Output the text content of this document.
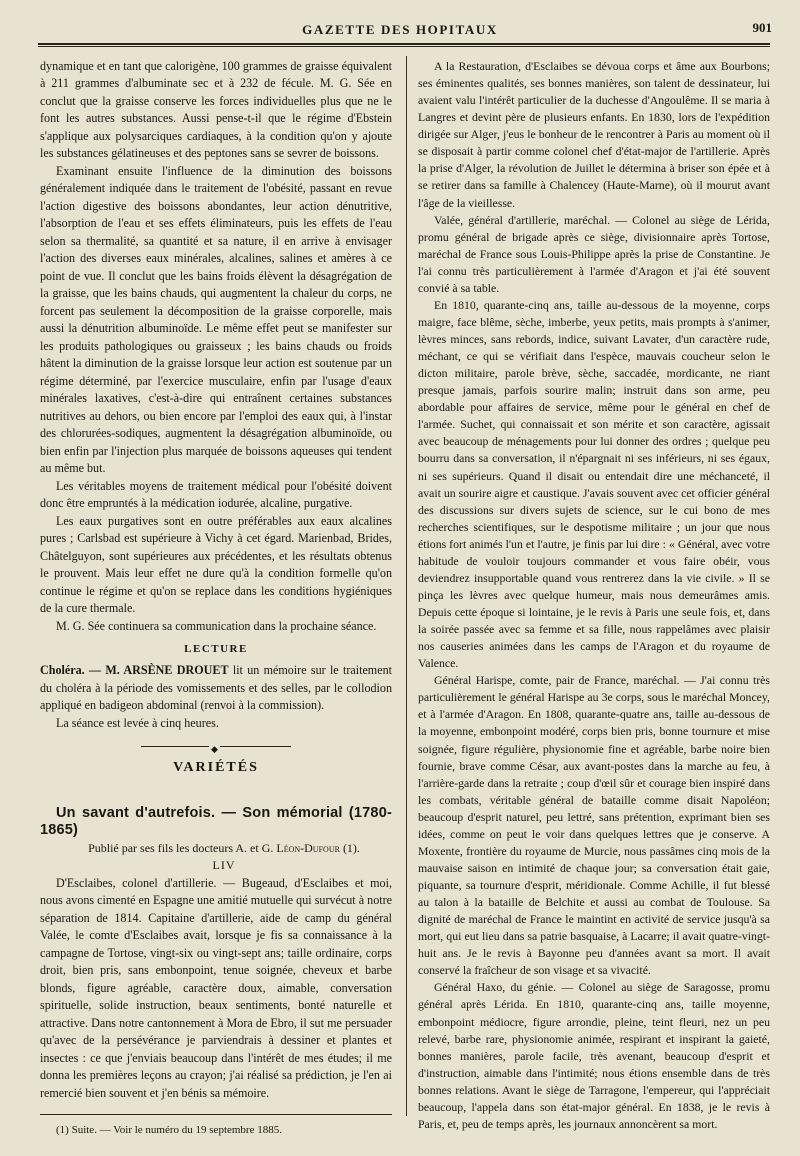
GAZETTE DES HOPITAUX	901

dynamique et en tant que calorigène, 100 grammes de graisse équivalent à 211 grammes d'albuminate sec et à 232 de fécule. M. G. Sée en conclut que la graisse conserve les forces individuelles plus que ne le font les autres substances. Aussi pense-t-il que le régime d'Ebstein s'applique aux polysarciques cardiaques, à la condition qu'on y ajoute les substances gélatineuses et des peptones sans se sevrer de boissons.

Examinant ensuite l'influence de la diminution des boissons généralement indiquée dans le traitement de l'obésité, passant en revue l'action digestive des boissons abondantes, leur action dénutritive, l'absorption de l'eau et ses effets éliminateurs, puis les effets de l'eau selon sa thermalité, sa quantité et sa nature, il en arrive à envisager l'action des diverses eaux minérales, alcalines, salines et amères à ce point de vue. Il conclut que les bains froids élèvent la désagrégation de la graisse, que les bains chauds, qui augmentent la chaleur du corps, ne forcent pas seulement la décomposition de la graisse corporelle, mais aussi la dénutrition albuminoïde. Le même effet peut se manifester sur les produits pathologiques ou graisseux ; les bains chauds ou froids hâtent la diminution de la graisse lorsque leur action est soutenue par un régime déterminé, par l'exercice musculaire, enfin par l'usage d'eaux minérales laxatives, c'est-à-dire qui entraînent certaines substances nutritives au dehors, ou bien encore par l'emploi des eaux qui, à l'instar des chlorurées-sodiques, augmentent la désagrégation albuminoïde, ou bien enfin par l'injection plus marquée de boissons aqueuses qui tendent au même but.

Les véritables moyens de traitement médical pour l'obésité doivent donc être empruntés à la médication iodurée, alcaline, purgative.

Les eaux purgatives sont en outre préférables aux eaux alcalines pures ; Carlsbad est supérieure à Vichy à cet égard. Marienbad, Brides, Châtelguyon, sont supérieures aux précédentes, et les résultats obtenus le prouvent. Mais leur effet ne dure qu'à la condition formelle qu'on continue le régime et qu'on se replace dans les conditions hygiéniques de la cure thermale.

M. G. Sée continuera sa communication dans la prochaine séance.

LECTURE

Choléra. — M. ARSÈNE DROUET lit un mémoire sur le traitement du choléra à la période des vomissements et des selles, par le collodion appliqué en badigeon abdominal (renvoi à la commission).

La séance est levée à cinq heures.

◆
VARIÉTÉS

Un savant d'autrefois. — Son mémorial (1780-1865)

Publié par ses fils les docteurs A. et G. Léon-Dufour (1).

LIV

D'Esclaibes, colonel d'artillerie. — Bugeaud, d'Esclaibes et moi, nous avons cimenté en Espagne une amitié mutuelle qui survécut à notre séparation de 1814. Capitaine d'artillerie, aide de camp du général Valée, le comte d'Esclaibes avait, lorsque je fis sa connaissance à la campagne de Tortose, vingt-six ou vingt-sept ans; taille ordinaire, corps droit, bien pris, sans embonpoint, tenue soignée, cheveux et barbe blonds, figure agréable, caractère doux, aimable, conversation spirituelle, solide instruction, beaux sentiments, bonté naturelle et attractive. Dans notre cantonnement à Mora de Ebro, il sut me persuader qu'avec de la persévérance je parviendrais à dessiner et plantes et insectes : ce que j'enviais beaucoup dans l'intérêt de mes études; il me donna les premières leçons au crayon; j'ai réalisé sa prédiction, je l'en ai remercié bien souvent et j'en bénis sa mémoire.

(1) Suite. — Voir le numéro du 19 septembre 1885.

A la Restauration, d'Esclaibes se dévoua corps et âme aux Bourbons; ses éminentes qualités, ses bonnes manières, son talent de dessinateur, lui avaient valu l'intérêt particulier de la duchesse d'Angoulême. Il se maria à Langres et devint père de plusieurs enfants. En 1830, lors de l'expédition dirigée sur Alger, j'eus le bonheur de le rencontrer à Paris au moment où il se disposait à partir comme colonel chef d'état-major de l'artillerie. Après la prise d'Alger, la révolution de Juillet le détermina à briser son épée et à se retirer dans sa famille à Chalencey (Haute-Marne), où il mourut avant l'âge de la vieillesse.

Valée, général d'artillerie, maréchal. — Colonel au siège de Lérida, promu général de brigade après ce siège, divisionnaire après Tortose, maréchal de France sous Louis-Philippe après la prise de Constantine. Je l'ai connu très particulièrement à l'armée d'Aragon et j'ai été souvent convié à sa table.

En 1810, quarante-cinq ans, taille au-dessous de la moyenne, corps maigre, face blême, sèche, imberbe, yeux petits, mais prompts à s'animer, lèvres minces, sans rebords, indice, suivant Lavater, d'un caractère rude, méchant, ce qui se vérifiait dans l'espèce, mauvais coucheur selon le dicton militaire, parole brève, sèche, saccadée, mordicante, ne riant presque jamais, parfois sourire malin; instruit dans son arme, peu abordable pour affaires de service, même pour le général en chef de l'armée. Suchet, qui connaissait et son mérite et son caractère, agissait avec beaucoup de ménagements pour lui donner des ordres ; quelque peu bourru dans sa conversation, il n'épargnait ni ses inférieurs, ni ses égaux, ni ses supérieurs. Quand il disait ou entendait dire une méchanceté, il avait un sourire aigre et caustique. J'avais souvent avec cet officier général des discussions sur divers sujets de science, sur le cui bono de mes recherches scientifiques, sur le despotisme militaire ; un jour que nous étions fort animés l'un et l'autre, je finis par lui dire : « Général, avec votre habitude de vouloir toujours commander et vous faire obéir, vous deviendrez insupportable quand vous rentrerez dans la vie civile. » Il se pinça les lèvres avec quelque humeur, mais nous demeurâmes amis. Depuis cette époque si lointaine, je le revis à Paris une seule fois, et, dans la soirée passée avec sa femme et sa fille, nous rappelâmes avec plaisir nos causeries animées dans les camps de l'Aragon et du royaume de Valence.

Général Harispe, comte, pair de France, maréchal. — J'ai connu très particulièrement le général Harispe au 3e corps, sous le maréchal Moncey, et à l'armée d'Aragon. En 1808, quarante-quatre ans, taille au-dessous de la moyenne, embonpoint modéré, corps bien pris, bonne tournure et mise soignée, figure régulière, physionomie fine et agréable, barbe noire bien fournie, brave comme César, aux avant-postes dans la marche au feu, à l'arrière-garde dans la retraite ; coup d'œil sûr et courage bien inspiré dans les combats, véritable général de bataille comme disait Napoléon; beaucoup d'esprit naturel, peu lettré, sans prétention, exprimant bien ses idées, comme on peut le voir dans quelques lettres que je conserve. A Moxente, frontière du royaume de Murcie, nous passâmes cinq mois de la mauvaise saison en intimité de chaque jour; sa conversation était gaie, piquante, sa tournure d'esprit, méridionale. Comme Achille, il fut blessé au talon à la bataille de Belchite et aussi au combat de Toulouse. Sa dignité de maréchal de France le maintint en activité de service jusqu'à sa mort, qui eut lieu dans sa patrie basquaise, à Lacarre; il avait quatre-vingt-huit ans. Je le revis à Bayonne peu d'années avant sa mort. Il avait conservé la fraîcheur de son visage et sa vivacité.

Général Haxo, du génie. — Colonel au siège de Saragosse, promu général après Lérida. En 1810, quarante-cinq ans, taille moyenne, embonpoint médiocre, figure arrondie, pleine, teint fleuri, nez un peu relevé, barbe rare, physionomie animée, respirant et inspirant la gaieté, bonnes manières, parole facile, très avenant, beaucoup d'esprit et d'instruction, aimable dans l'intimité; nous étions ensemble dans de très bonnes relations. Avant le siège de Tarragone, l'empereur, qui l'appréciait beaucoup, l'appela dans son état-major général. En 1838, je le revis à Paris, et, peu de temps après, les journaux annoncèrent sa mort.
